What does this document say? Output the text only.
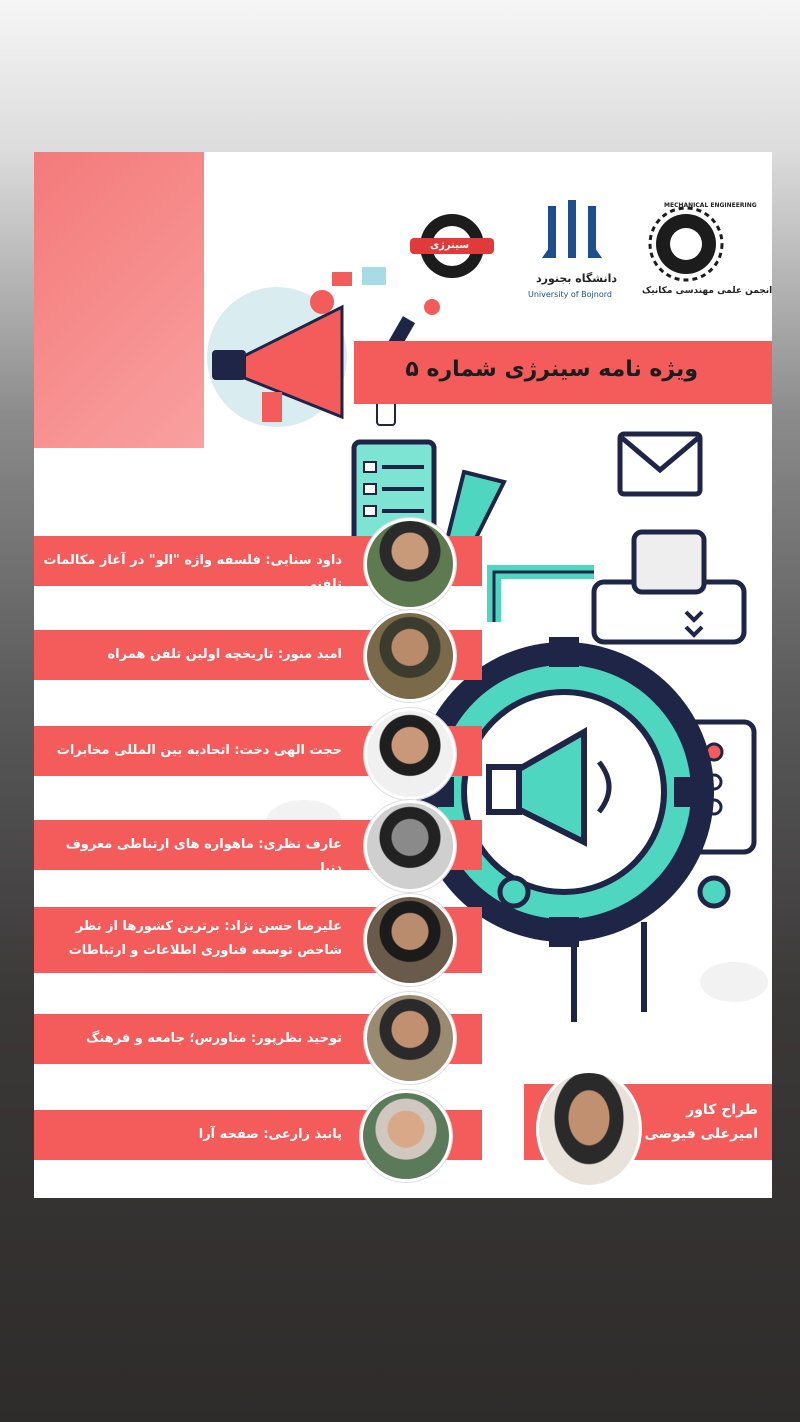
سینرژی
دانشگاه بجنورد
University of Bojnord
MECHANICAL ENGINEERING
انجمن علمی مهندسی مکانیک
ویژه نامه سینرژی شماره ۵
داود سنایی: فلسفه واژه "الو" در آغاز مکالمات تلفنی
امید منور: تاریخچه اولین تلفن همراه
حجت الهی دخت: اتحادیه بین المللی مخابرات
عارف نظری: ماهواره های ارتباطی معروف دنیا
علیرضا حسن نژاد: برترین کشورها از نظر شاخص توسعه فناوری اطلاعات و ارتباطات
توحید نظرپور: متاورس؛ جامعه و فرهنگ
پانیذ زارعی: صفحه آرا
طراح کاور
امیرعلی فیوضی
